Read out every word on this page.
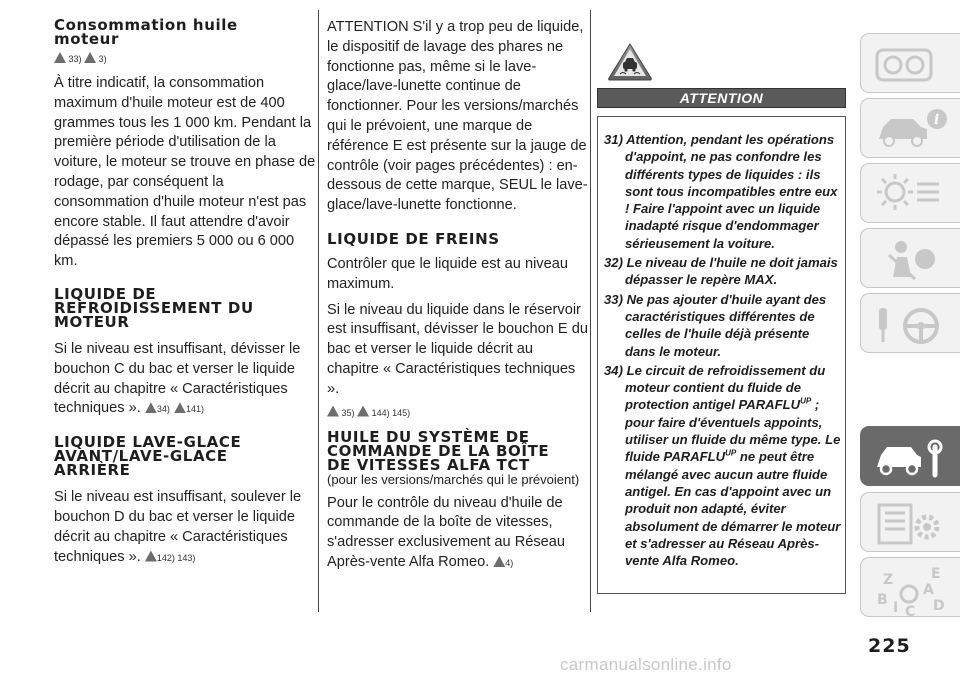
Consommation huile moteur
33) 3)

À titre indicatif, la consommation maximum d'huile moteur est de 400 grammes tous les 1 000 km. Pendant la première période d'utilisation de la voiture, le moteur se trouve en phase de rodage, par conséquent la consommation d'huile moteur n'est pas encore stable. Il faut attendre d'avoir dépassé les premiers 5 000 ou 6 000 km.

LIQUIDE DE REFROIDISSEMENT DU MOTEUR

Si le niveau est insuffisant, dévisser le bouchon C du bac et verser le liquide décrit au chapitre « Caractéristiques techniques ». 34) 141)

LIQUIDE LAVE-GLACE AVANT/LAVE-GLACE ARRIÈRE

Si le niveau est insuffisant, soulever le bouchon D du bac et verser le liquide décrit au chapitre « Caractéristiques techniques ». 142) 143)

ATTENTION S'il y a trop peu de liquide, le dispositif de lavage des phares ne fonctionne pas, même si le lave-glace/lave-lunette continue de fonctionner. Pour les versions/marchés qui le prévoient, une marque de référence E est présente sur la jauge de contrôle (voir pages précédentes) : en-dessous de cette marque, SEUL le lave-glace/lave-lunette fonctionne.

LIQUIDE DE FREINS

Contrôler que le liquide est au niveau maximum.

Si le niveau du liquide dans le réservoir est insuffisant, dévisser le bouchon E du bac et verser le liquide décrit au chapitre « Caractéristiques techniques ».

35) 144) 145)
HUILE DU SYSTÈME DE COMMANDE DE LA BOÎTE DE VITESSES ALFA TCT

(pour les versions/marchés qui le prévoient)

Pour le contrôle du niveau d'huile de commande de la boîte de vitesses, s'adresser exclusivement au Réseau Après-vente Alfa Romeo. 4)

ATTENTION

31) Attention, pendant les opérations d'appoint, ne pas confondre les différents types de liquides : ils sont tous incompatibles entre eux ! Faire l'appoint avec un liquide inadapté risque d'endommager sérieusement la voiture.

32) Le niveau de l'huile ne doit jamais dépasser le repère MAX.

33) Ne pas ajouter d'huile ayant des caractéristiques différentes de celles de l'huile déjà présente dans le moteur.

34) Le circuit de refroidissement du moteur contient du fluide de protection antigel $PARAFLU^{UP}$ ; pour faire d'éventuels appoints, utiliser un fluide du même type. Le fluide $PARAFLU^{UP}$ ne peut être mélangé avec aucun autre fluide antigel. En cas d'appoint avec un produit non adapté, éviter absolument de démarrer le moteur et s'adresser au Réseau Après-vente Alfa Romeo.

i
Z	E
A
B I C D
225
carmanualsonline.info
